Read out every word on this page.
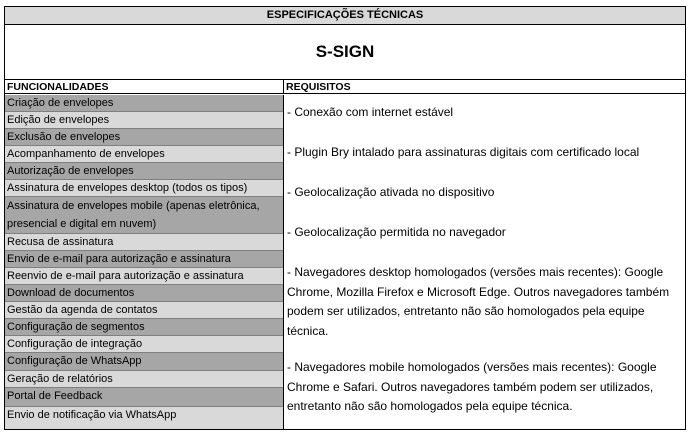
ESPECIFICAÇÕES TÉCNICAS
S-SIGN
FUNCIONALIDADES	REQUISITOS
Criação de envelopes
Edição de envelopes
Exclusão de envelopes
Acompanhamento de envelopes
Autorização de envelopes
Assinatura de envelopes desktop (todos os tipos)
Assinatura de envelopes mobile (apenas eletrônica, presencial e digital em nuvem)
Recusa de assinatura
Envio de e-mail para autorização e assinatura
Reenvio de e-mail para autorização e assinatura
Download de documentos
Gestão da agenda de contatos
Configuração de segmentos
Configuração de integração
Configuração de WhatsApp
Geração de relatórios
Portal de Feedback
Envio de notificação via WhatsApp
- Conexão com internet estável
- Plugin Bry intalado para assinaturas digitais com certificado local
- Geolocalização ativada no dispositivo
- Geolocalização permitida no navegador
- Navegadores desktop homologados (versões mais recentes): Google Chrome, Mozilla Firefox e Microsoft Edge. Outros navegadores também podem ser utilizados, entretanto não são homologados pela equipe técnica.
- Navegadores mobile homologados (versões mais recentes): Google Chrome e Safari. Outros navegadores também podem ser utilizados, entretanto não são homologados pela equipe técnica.
